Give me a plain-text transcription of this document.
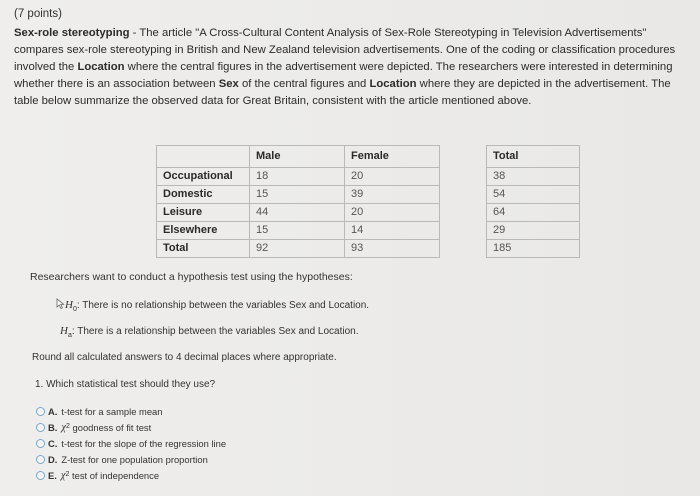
(7 points)
Sex-role stereotyping - The article "A Cross-Cultural Content Analysis of Sex-Role Stereotyping in Television Advertisements" compares sex-role stereotyping in British and New Zealand television advertisements. One of the coding or classification procedures involved the Location where the central figures in the advertisement were depicted. The researchers were interested in determining whether there is an association between Sex of the central figures and Location where they are depicted in the advertisement. The table below summarize the observed data for Great Britain, consistent with the article mentioned above.
	Male	Female		Total
Occupational	18	20		38
Domestic	15	39		54
Leisure	44	20		64
Elsewhere	15	14		29
Total	92	93		185
Researchers want to conduct a hypothesis test using the hypotheses:
$H_0$: There is no relationship between the variables Sex and Location.
$H_a$: There is a relationship between the variables Sex and Location.
Round all calculated answers to 4 decimal places where appropriate.
1. Which statistical test should they use?
A. t-test for a sample mean
B. χ 2
goodness of fit test
C. t-test for the slope of the regression line
D. Z-test for one population proportion
E. χ 2
test of independence
